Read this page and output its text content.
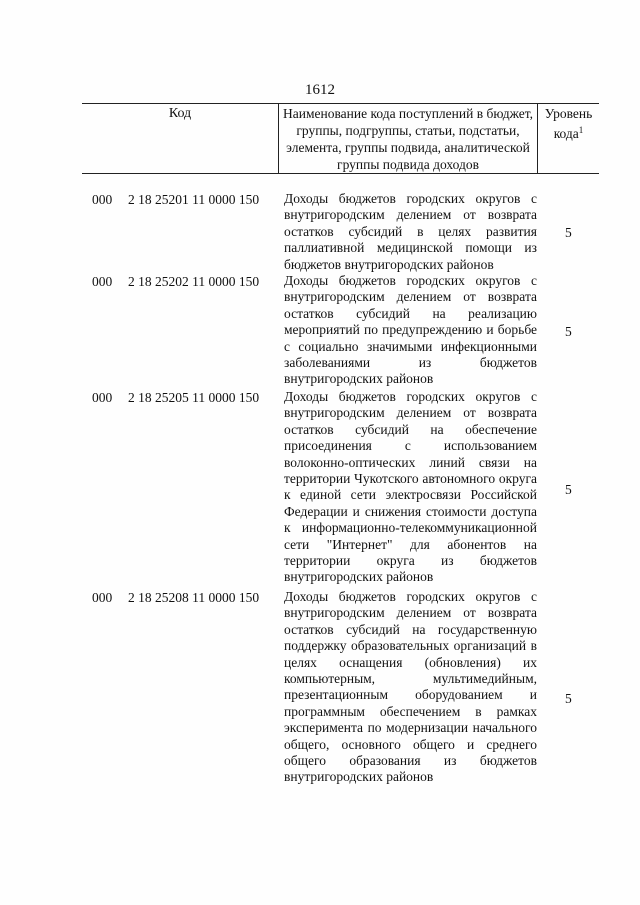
1612
Код	Наименование кода поступлений в бюджет, группы, подгруппы, статьи, подстатьи, элемента, группы подвида, аналитической группы подвида доходов
Уровень кода$^1$
000 2 18 25201 11 0000 150 Доходы бюджетов городских округов с внутригородским делением от возврата остатков субсидий в целях развития паллиативной медицинской помощи из бюджетов внутригородских районов
5
000 2 18 25202 11 0000 150 Доходы бюджетов городских округов с внутригородским делением от возврата остатков субсидий на реализацию мероприятий по предупреждению и борьбе с социально значимыми инфекционными заболеваниями из бюджетов внутригородских районов
5
000 2 18 25205 11 0000 150 Доходы бюджетов городских округов с внутригородским делением от возврата остатков субсидий на обеспечение присоединения с использованием волоконно-оптических линий связи на территории Чукотского автономного округа к единой сети электросвязи Российской Федерации и снижения стоимости доступа к информационно-телекоммуникационной сети "Интернет" для абонентов на территории округа из бюджетов внутригородских районов
5
000 2 18 25208 11 0000 150 Доходы бюджетов городских округов с внутригородским делением от возврата остатков субсидий на государственную поддержку образовательных организаций в целях оснащения (обновления) их компьютерным, мультимедийным, презентационным оборудованием и программным обеспечением в рамках эксперимента по модернизации начального общего, основного общего и среднего общего образования из бюджетов внутригородских районов
5
